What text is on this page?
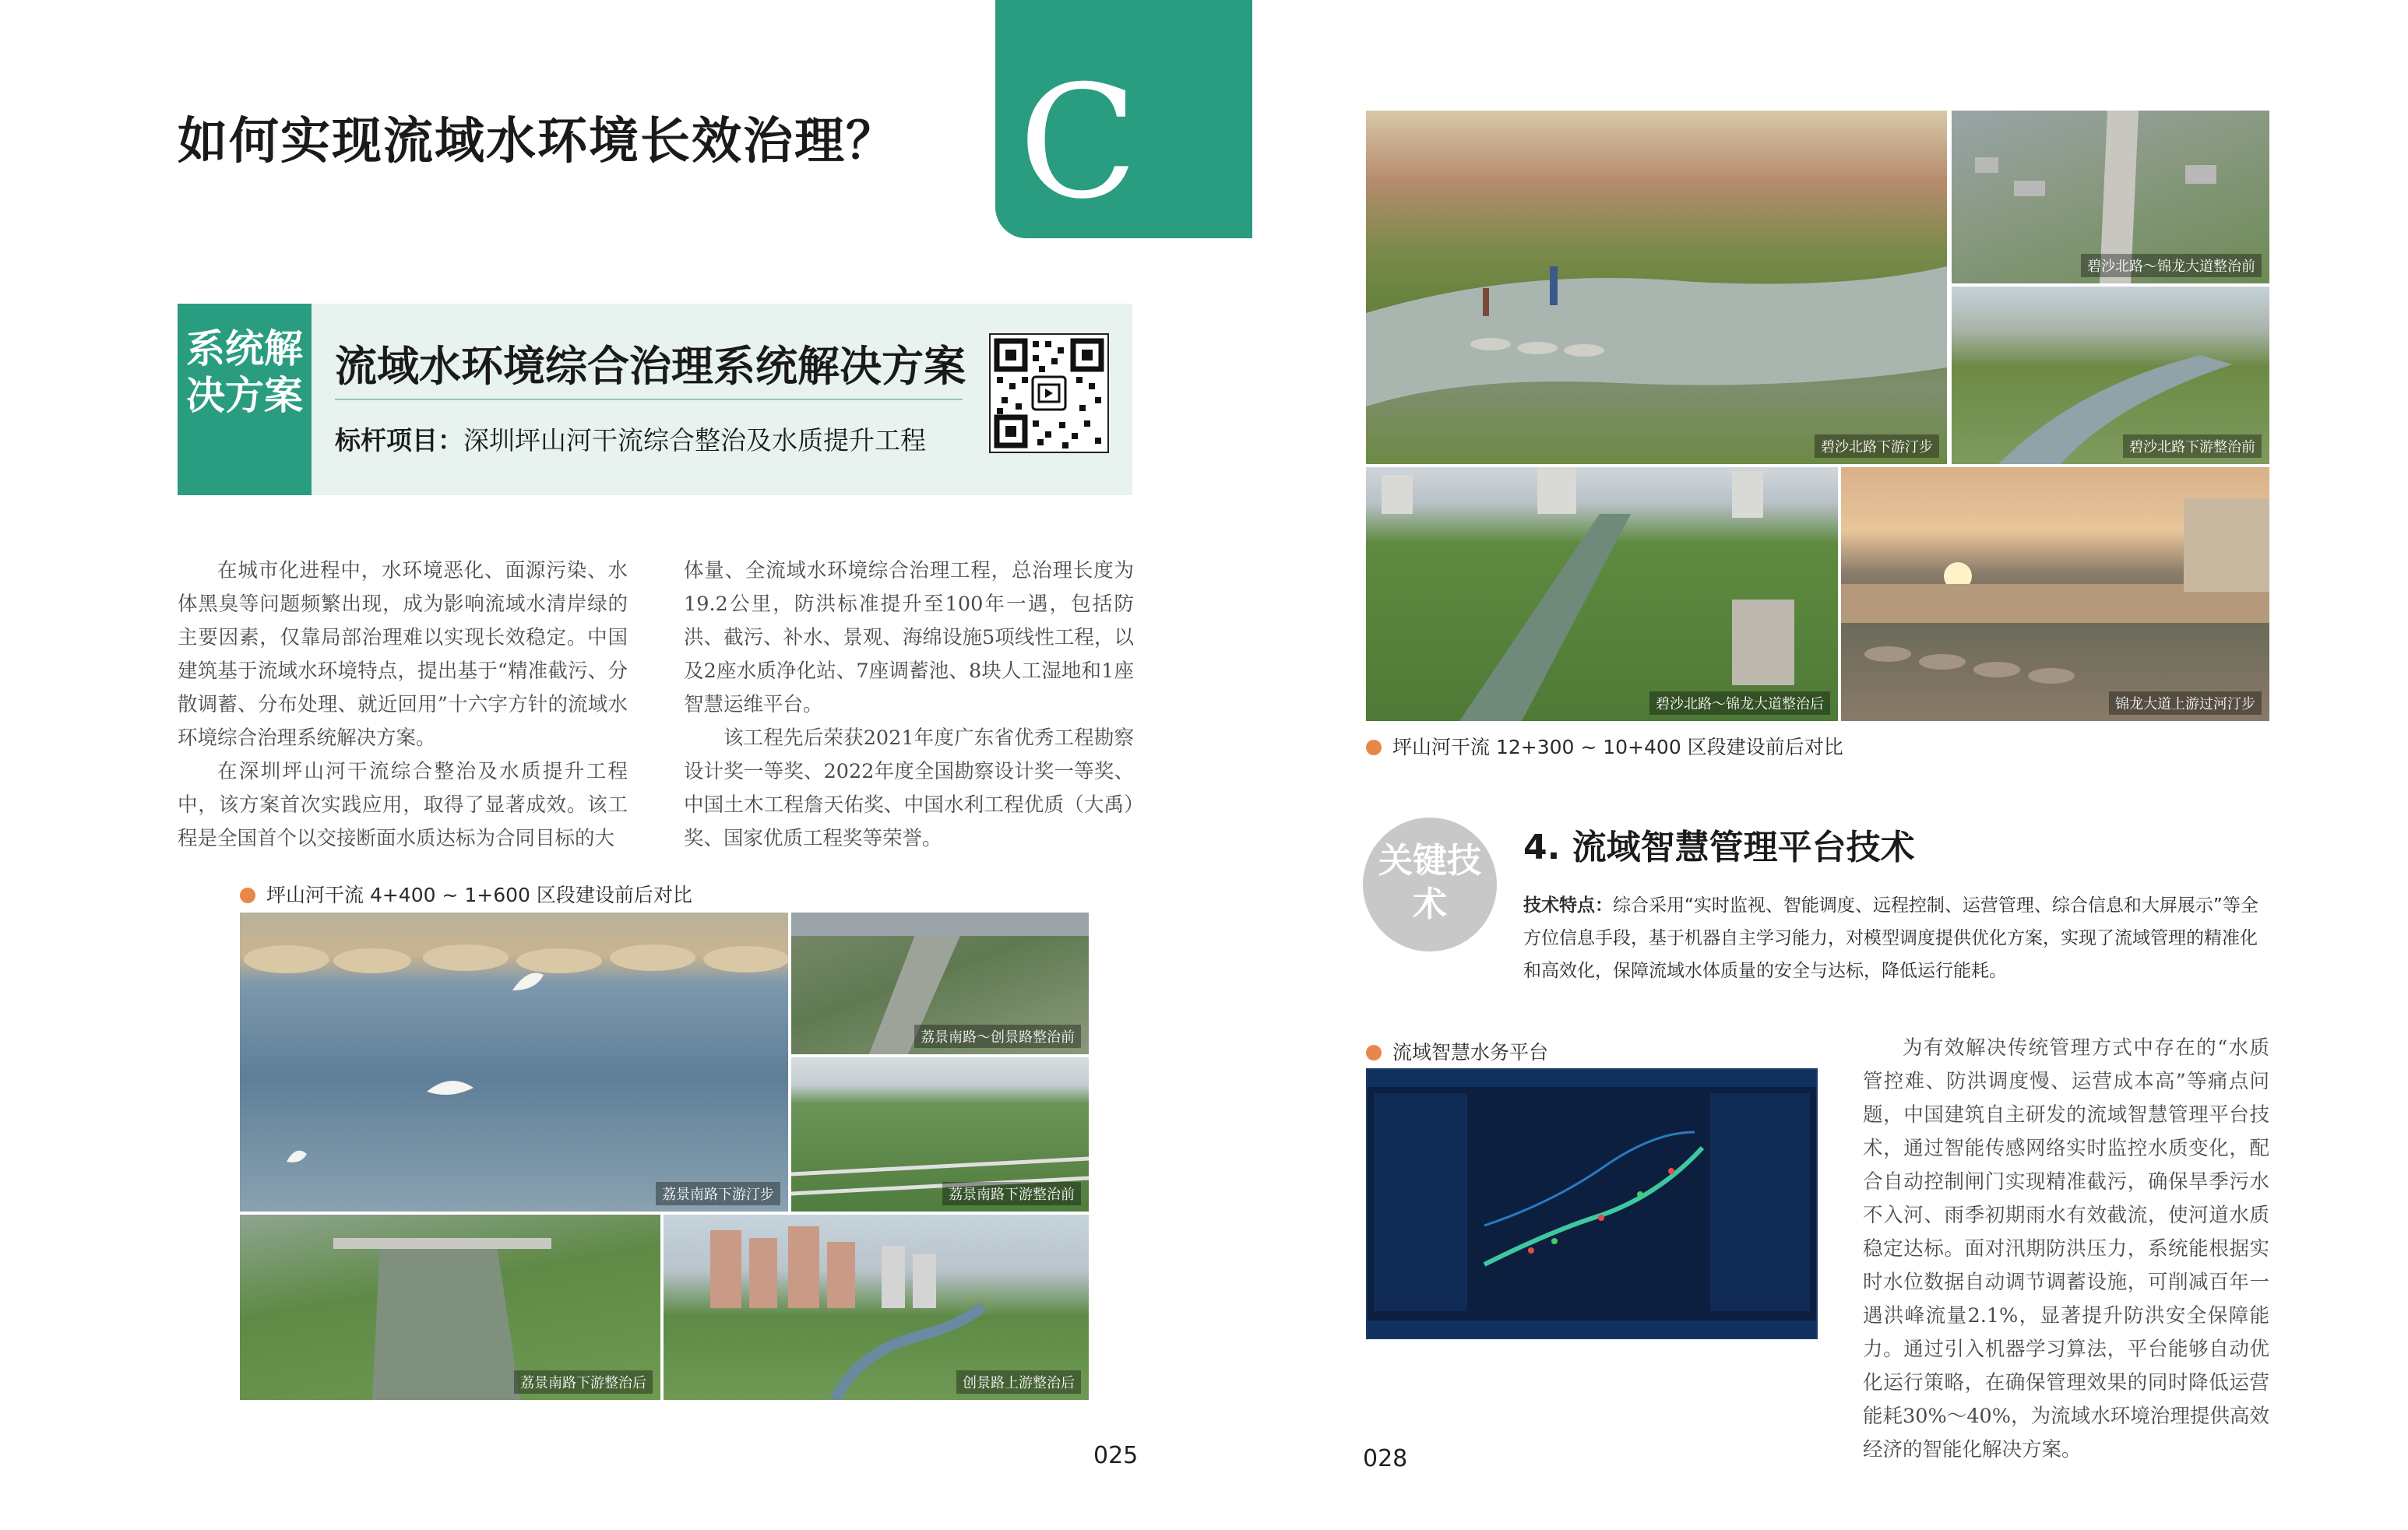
如何实现流域水环境长效治理？ C
系统解决方案
流域水环境综合治理系统解决方案
标杆项目：深圳坪山河干流综合整治及水质提升工程

在城市化进程中，水环境恶化、面源污染、水体黑臭等问题频繁出现，成为影响流域水清岸绿的主要因素，仅靠局部治理难以实现长效稳定。中国建筑基于流域水环境特点，提出基于“精准截污、分散调蓄、分布处理、就近回用”十六字方针的流域水环境综合治理系统解决方案。

在深圳坪山河干流综合整治及水质提升工程中，该方案首次实践应用，取得了显著成效。该工程是全国首个以交接断面水质达标为合同目标的大

体量、全流域水环境综合治理工程，总治理长度为19.2公里，防洪标准提升至100年一遇，包括防洪、截污、补水、景观、海绵设施5项线性工程，以及2座水质净化站、7座调蓄池、8块人工湿地和1座智慧运维平台。

该工程先后荣获2021年度广东省优秀工程勘察设计奖一等奖、2022年度全国勘察设计奖一等奖、中国土木工程詹天佑奖、中国水利工程优质（大禹）奖、国家优质工程奖等荣誉。

坪山河干流 4+400 ~ 1+600 区段建设前后对比
荔景南路下游汀步
荔景南路～创景路整治前
荔景南路下游整治前
荔景南路下游整治后	创景路上游整治后
025
碧沙北路下游汀步
碧沙北路～锦龙大道整治前
碧沙北路下游整治前
碧沙北路～锦龙大道整治后	锦龙大道上游过河汀步
坪山河干流 12+300 ~ 10+400 区段建设前后对比
关键技术
4. 流域智慧管理平台技术
技术特点：综合采用“实时监视、智能调度、远程控制、运营管理、综合信息和大屏展示”等全方位信息手段，基于机器自主学习能力，对模型调度提供优化方案，实现了流域管理的精准化和高效化，保障流域水体质量的安全与达标，降低运行能耗。
流域智慧水务平台	为有效解决传统管理方式中存在的“水质管控难、防洪调度慢、运营成本高”等痛点问题，中国建筑自主研发的流域智慧管理平台技术，通过智能传感网络实时监控水质变化，配合自动控制闸门实现精准截污，确保旱季污水不入河、雨季初期雨水有效截流，使河道水质稳定达标。面对汛期防洪压力，系统能根据实时水位数据自动调节调蓄设施，可削减百年一遇洪峰流量2.1%，显著提升防洪安全保障能力。通过引入机器学习算法，平台能够自动优化运行策略，在确保管理效果的同时降低运营能耗30%～40%，为流域水环境治理提供高效经济的智能化解决方案。

028
